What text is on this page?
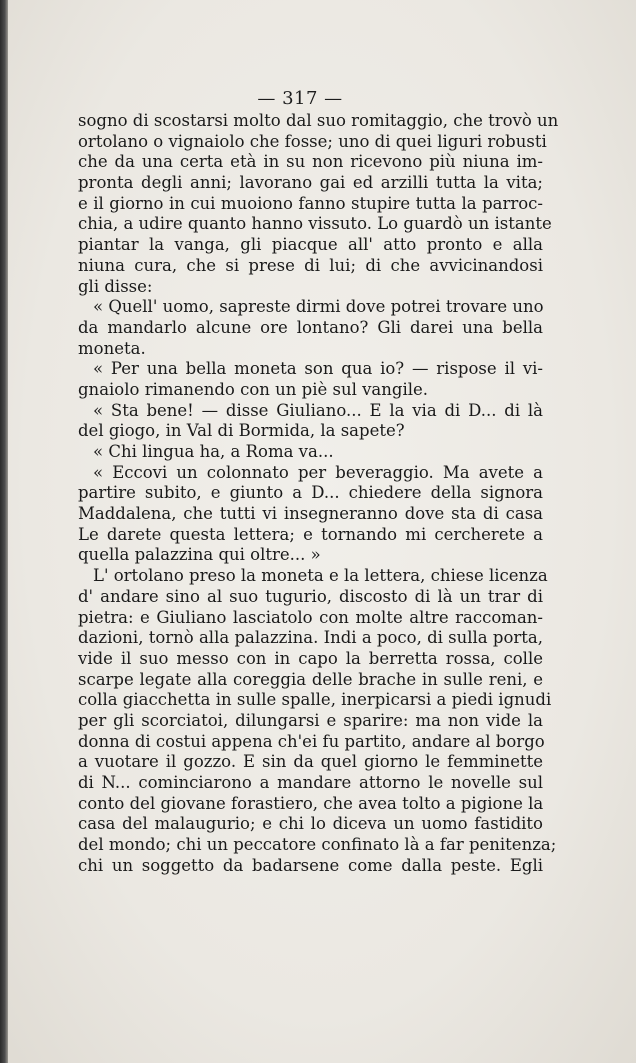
— 317 —
sogno di scostarsi molto dal suo romitaggio, che trovò un
ortolano o vignaiolo che fosse; uno di quei liguri robusti
che da una certa età in su non ricevono più niuna im-
pronta degli anni; lavorano gai ed arzilli tutta la vita;
e il giorno in cui muoiono fanno stupire tutta la parroc-
chia, a udire quanto hanno vissuto. Lo guardò un istante
piantar la vanga, gli piacque all' atto pronto e alla
niuna cura, che si prese di lui; di che avvicinandosi
gli disse:
« Quell' uomo, sapreste dirmi dove potrei trovare uno
da mandarlo alcune ore lontano? Gli darei una bella
moneta.
« Per una bella moneta son qua io? — rispose il vi-
gnaiolo rimanendo con un piè sul vangile.
« Sta bene! — disse Giuliano... E la via di D... di là
del giogo, in Val di Bormida, la sapete?
« Chi lingua ha, a Roma va...
« Eccovi un colonnato per beveraggio. Ma avete a
partire subito, e giunto a D... chiedere della signora
Maddalena, che tutti vi insegneranno dove sta di casa
Le darete questa lettera; e tornando mi cercherete a
quella palazzina qui oltre... »
L' ortolano preso la moneta e la lettera, chiese licenza
d' andare sino al suo tugurio, discosto di là un trar di
pietra: e Giuliano lasciatolo con molte altre raccoman-
dazioni, tornò alla palazzina. Indi a poco, di sulla porta,
vide il suo messo con in capo la berretta rossa, colle
scarpe legate alla coreggia delle brache in sulle reni, e
colla giacchetta in sulle spalle, inerpicarsi a piedi ignudi
per gli scorciatoi, dilungarsi e sparire: ma non vide la
donna di costui appena ch'ei fu partito, andare al borgo
a vuotare il gozzo. E sin da quel giorno le femminette
di N... cominciarono a mandare attorno le novelle sul
conto del giovane forastiero, che avea tolto a pigione la
casa del malaugurio; e chi lo diceva un uomo fastidito
del mondo; chi un peccatore confinato là a far penitenza;
chi un soggetto da badarsene come dalla peste. Egli
